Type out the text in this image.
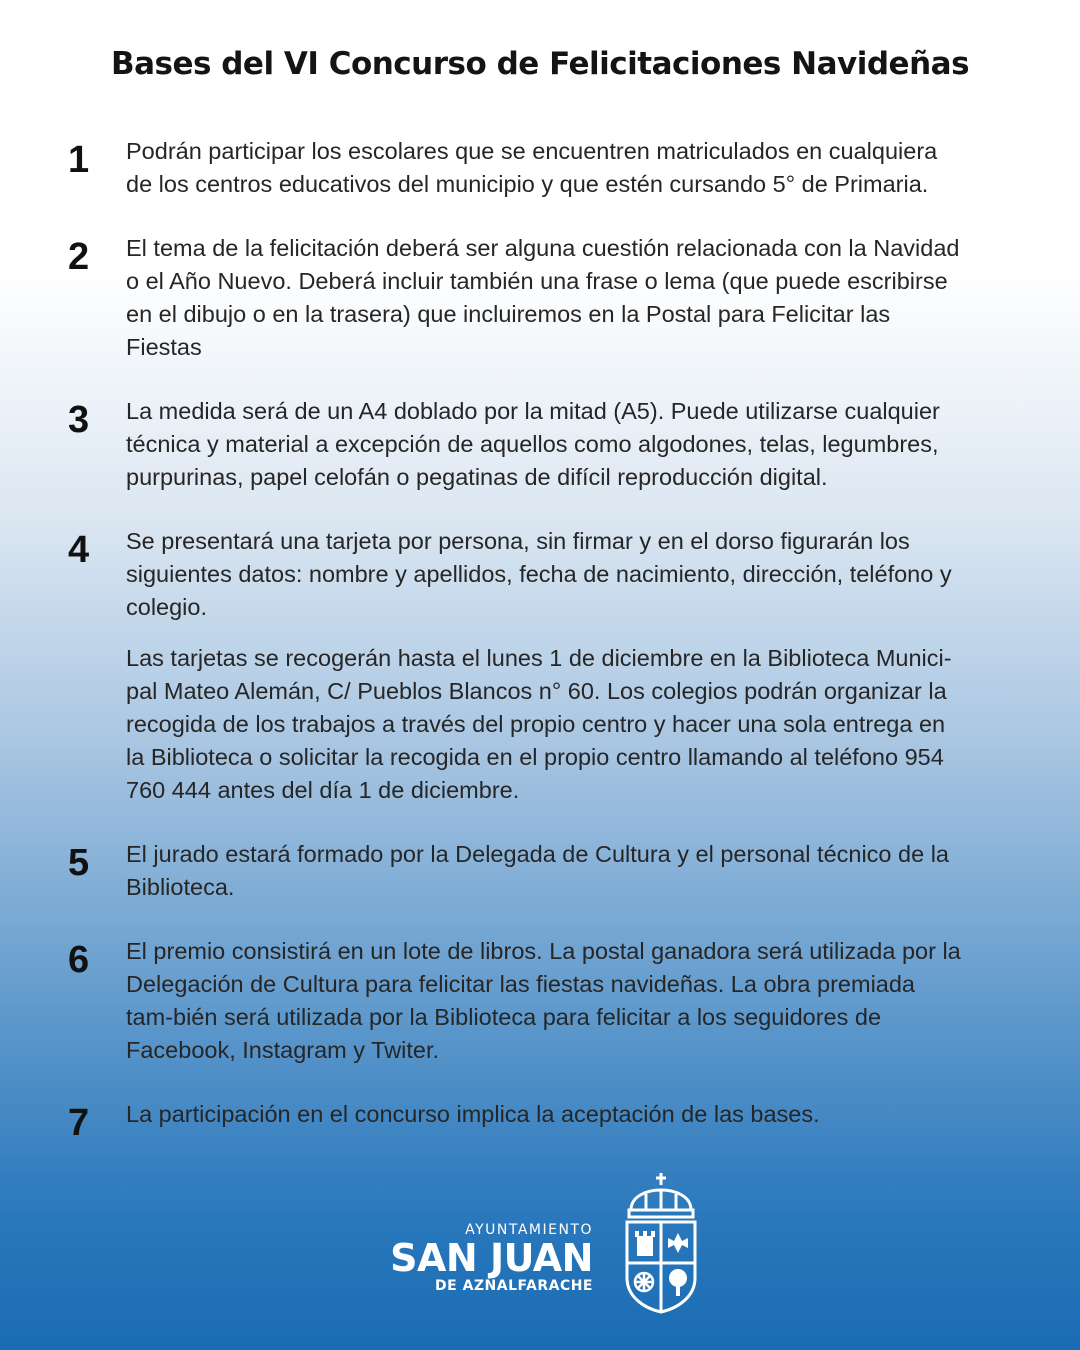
Bases del VI Concurso de Felicitaciones Navideñas
1 Podrán participar los escolares que se encuentren matriculados en cualquiera de los centros educativos del municipio y que estén cursando 5° de Primaria.

2 El tema de la felicitación deberá ser alguna cuestión relacionada con la Navidad o el Año Nuevo. Deberá incluir también una frase o lema (que puede escribirse en el dibujo o en la trasera) que incluiremos en la Postal para Felicitar las Fiestas

3 La medida será de un A4 doblado por la mitad (A5). Puede utilizarse cualquier técnica y material a excepción de aquellos como algodones, telas, legumbres, purpurinas, papel celofán o pegatinas de difícil reproducción digital.

4 Se presentará una tarjeta por persona, sin firmar y en el dorso figurarán los siguientes datos: nombre y apellidos, fecha de nacimiento, dirección, teléfono y colegio.

Las tarjetas se recogerán hasta el lunes 1 de diciembre en la Biblioteca Munici-pal Mateo Alemán, C/ Pueblos Blancos n° 60. Los colegios podrán organizar la recogida de los trabajos a través del propio centro y hacer una sola entrega en la Biblioteca o solicitar la recogida en el propio centro llamando al teléfono 954 760 444 antes del día 1 de diciembre.

5 El jurado estará formado por la Delegada de Cultura y el personal técnico de la Biblioteca.

6 El premio consistirá en un lote de libros. La postal ganadora será utilizada por la Delegación de Cultura para felicitar las fiestas navideñas. La obra premiada tam-bién será utilizada por la Biblioteca para felicitar a los seguidores de Facebook, Instagram y Twiter.

7 La participación en el concurso implica la aceptación de las bases.

AYUNTAMIENTO
SAN JUAN
DE AZNALFARACHE
